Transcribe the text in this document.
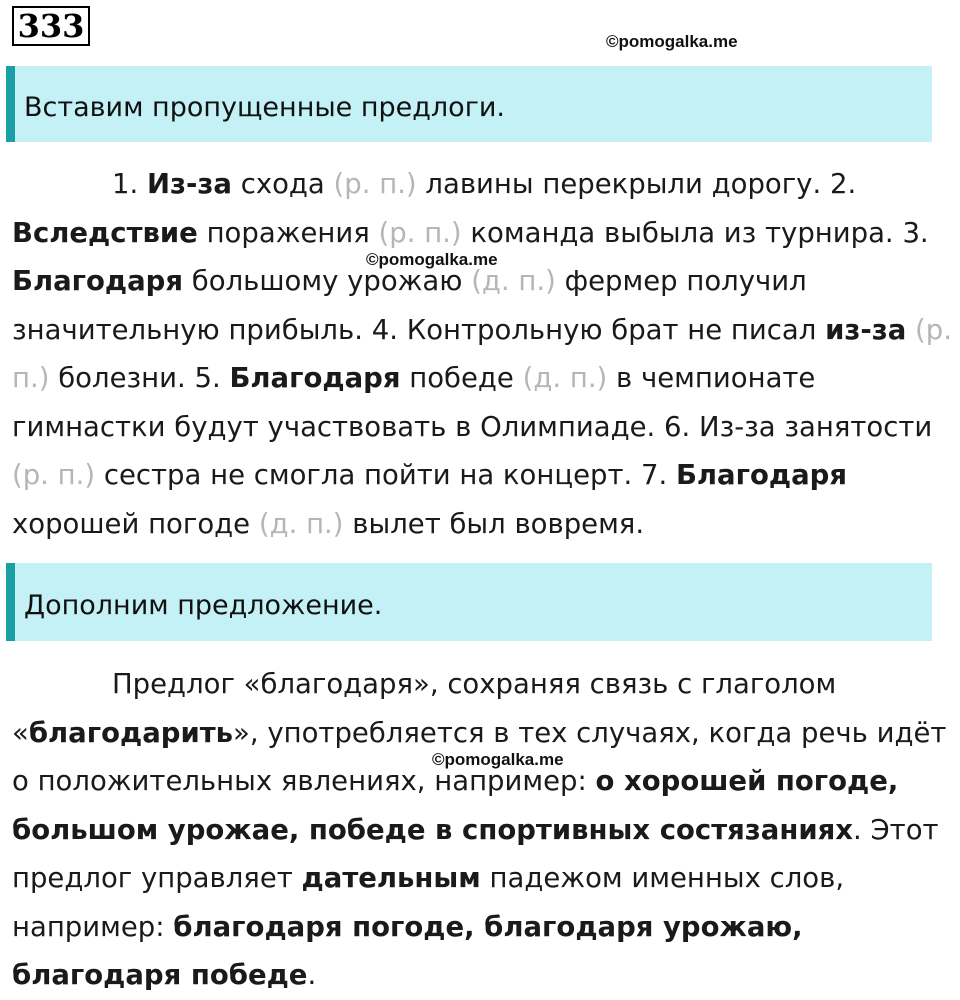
333	©pomogalka.me
Вставим пропущенные предлоги.
1. Из-за схода (р. п.) лавины перекрыли дорогу. 2. Вследствие поражения (р. п.) команда выбыла из турнира. 3. Благодаря большому урожаю (д. п.) фермер получил значительную прибыль. 4. Контрольную брат не писал из-за (р. п.) болезни. 5. Благодаря победе (д. п.) в чемпионате гимнастки будут участвовать в Олимпиаде. 6. Из-за занятости (р. п.) сестра не смогла пойти на концерт. 7. Благодаря хорошей погоде (д. п.) вылет был вовремя.
©pomogalka.me
Дополним предложение.
Предлог «благодаря», сохраняя связь с глаголом «благодарить», употребляется в тех случаях, когда речь идёт о положительных явлениях, например: о хорошей погоде, большом урожае, победе в спортивных состязаниях. Этот предлог управляет дательным падежом именных слов, например: благодаря погоде, благодаря урожаю, благодаря победе.
©pomogalka.me
